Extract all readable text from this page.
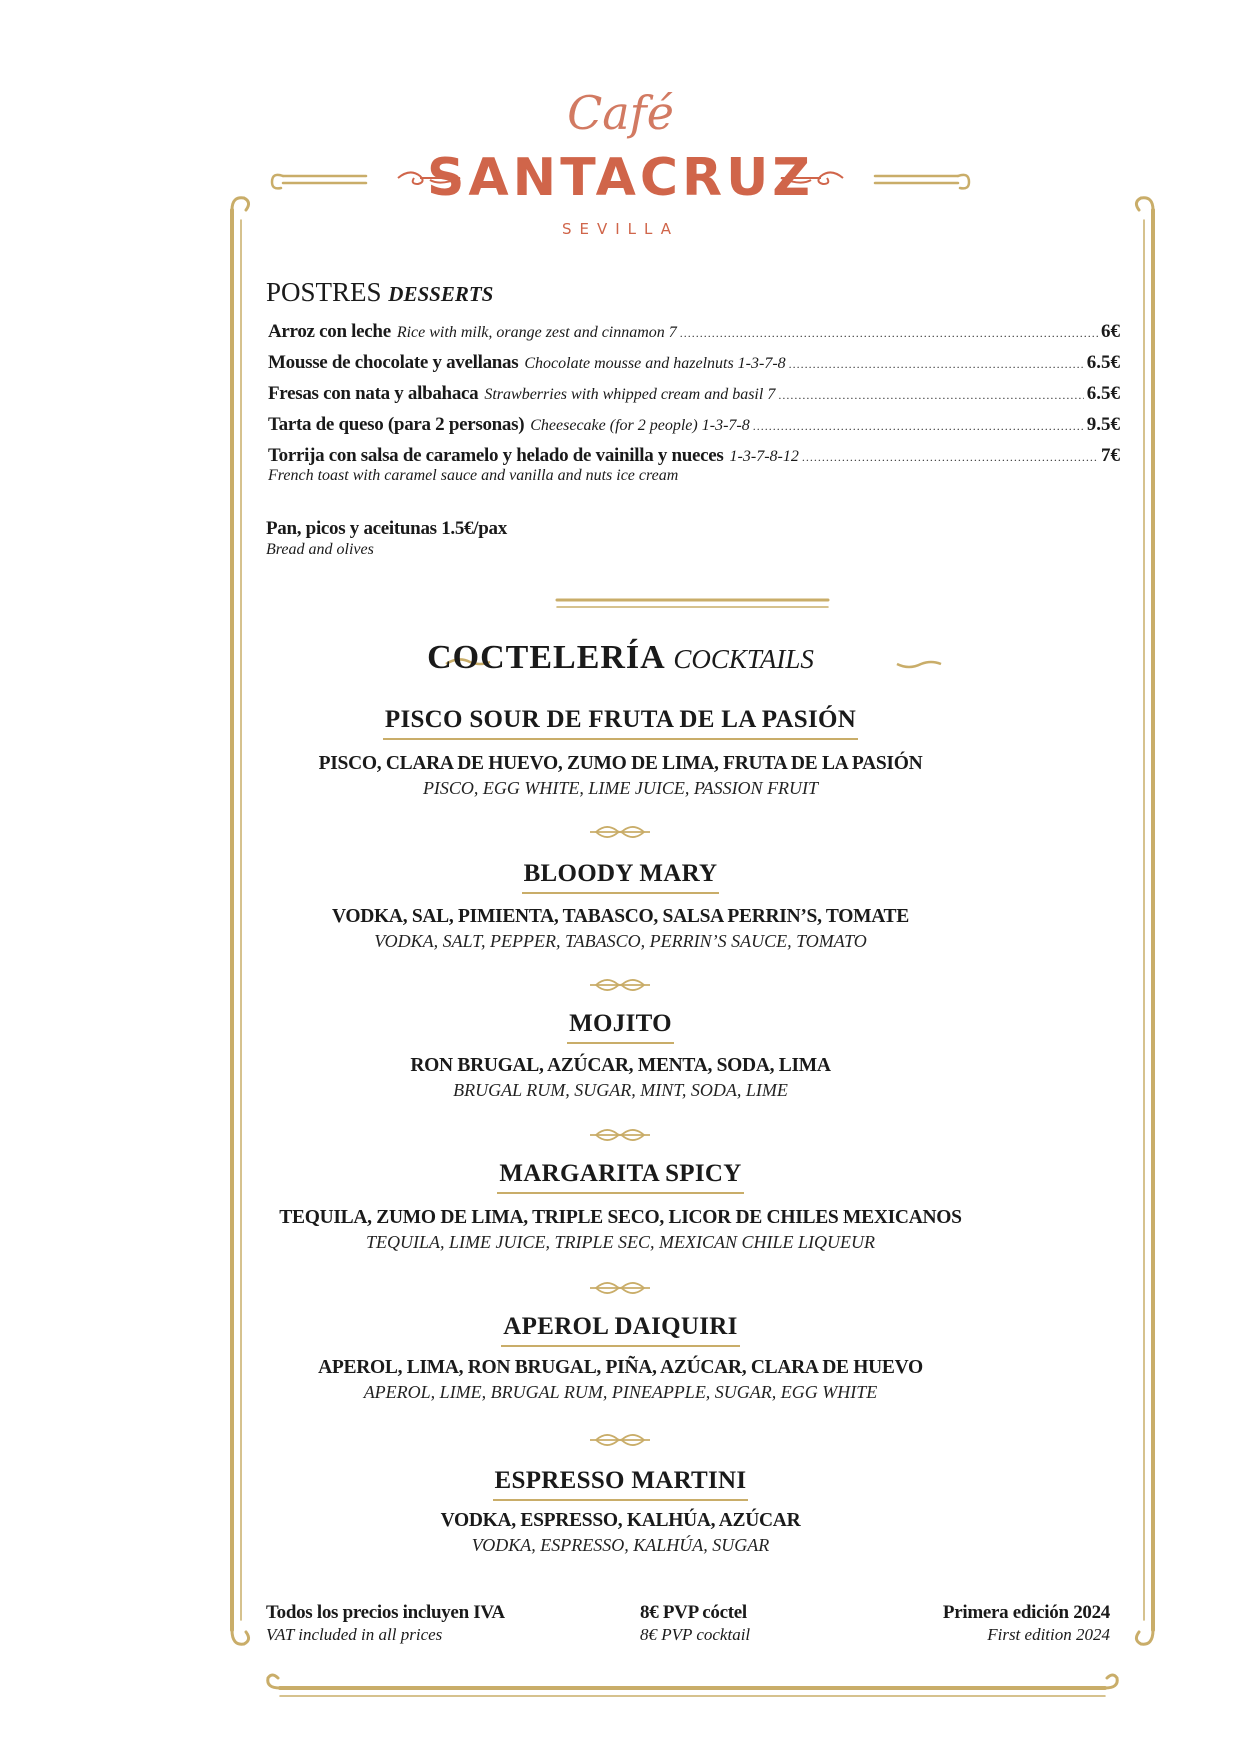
Café
SANTACRUZ
SEVILLA
POSTRES DESSERTS
Arroz con leche Rice with milk, orange zest and cinnamon 7 .....	6€
Mousse de chocolate y avellanas Chocolate mousse and hazelnuts 1-3-7-8 .....	6.5€
Fresas con nata y albahaca Strawberries with whipped cream and basil 7 .....	6.5€
Tarta de queso (para 2 personas) Cheesecake (for 2 people) 1-3-7-8 .....	9.5€
Torrija con salsa de caramelo y helado de vainilla y nueces 1-3-7-8-12 .....	7€
French toast with caramel sauce and vanilla and nuts ice cream
Pan, picos y aceitunas 1.5€/pax
Bread and olives
COCTELERÍA COCKTAILS
PISCO SOUR DE FRUTA DE LA PASIÓN
PISCO, CLARA DE HUEVO, ZUMO DE LIMA, FRUTA DE LA PASIÓN
PISCO, EGG WHITE, LIME JUICE, PASSION FRUIT
BLOODY MARY
VODKA, SAL, PIMIENTA, TABASCO, SALSA PERRIN’S, TOMATE
VODKA, SALT, PEPPER, TABASCO, PERRIN’S SAUCE, TOMATO
MOJITO
RON BRUGAL, AZÚCAR, MENTA, SODA, LIMA
BRUGAL RUM, SUGAR, MINT, SODA, LIME
MARGARITA SPICY
TEQUILA, ZUMO DE LIMA, TRIPLE SECO, LICOR DE CHILES MEXICANOS
TEQUILA, LIME JUICE, TRIPLE SEC, MEXICAN CHILE LIQUEUR
APEROL DAIQUIRI
APEROL, LIMA, RON BRUGAL, PIÑA, AZÚCAR, CLARA DE HUEVO
APEROL, LIME, BRUGAL RUM, PINEAPPLE, SUGAR, EGG WHITE
ESPRESSO MARTINI
VODKA, ESPRESSO, KALHÚA, AZÚCAR
VODKA, ESPRESSO, KALHÚA, SUGAR
Todos los precios incluyen IVA
VAT included in all prices
8€ PVP cóctel
8€ PVP cocktail
Primera edición 2024
First edition 2024
